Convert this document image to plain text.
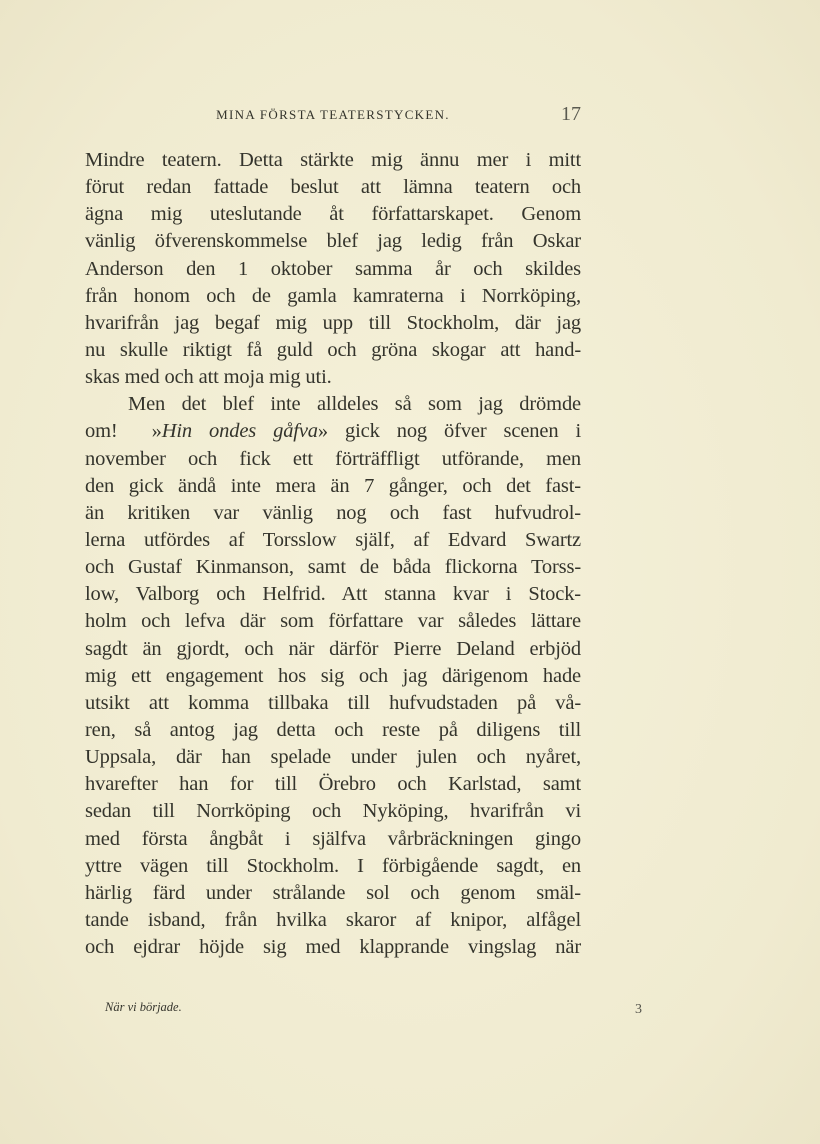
MINA FÖRSTA TEATERSTYCKEN.	17
Mindre teatern. Detta stärkte mig ännu mer i mitt
förut redan fattade beslut att lämna teatern och
ägna mig uteslutande åt författarskapet. Genom
vänlig öfverenskommelse blef jag ledig från Oskar
Anderson den 1 oktober samma år och skildes
från honom och de gamla kamraterna i Norrköping,
hvarifrån jag begaf mig upp till Stockholm, där jag
nu skulle riktigt få guld och gröna skogar att hand-
skas med och att moja mig uti.
Men det blef inte alldeles så som jag drömde
om!  »Hin ondes gåfva» gick nog öfver scenen i
november och fick ett förträffligt utförande, men
den gick ändå inte mera än 7 gånger, och det fast-
än kritiken var vänlig nog och fast hufvudrol-
lerna utfördes af Torsslow själf, af Edvard Swartz
och Gustaf Kinmanson, samt de båda flickorna Torss-
low, Valborg och Helfrid. Att stanna kvar i Stock-
holm och lefva där som författare var således lättare
sagdt än gjordt, och när därför Pierre Deland erbjöd
mig ett engagement hos sig och jag därigenom hade
utsikt att komma tillbaka till hufvudstaden på vå-
ren, så antog jag detta och reste på diligens till
Uppsala, där han spelade under julen och nyåret,
hvarefter han for till Örebro och Karlstad, samt
sedan till Norrköping och Nyköping, hvarifrån vi
med första ångbåt i själfva vårbräckningen gingo
yttre vägen till Stockholm. I förbigående sagdt, en
härlig färd under strålande sol och genom smäl-
tande isband, från hvilka skaror af knipor, alfågel
och ejdrar höjde sig med klapprande vingslag när
När vi började.	3
